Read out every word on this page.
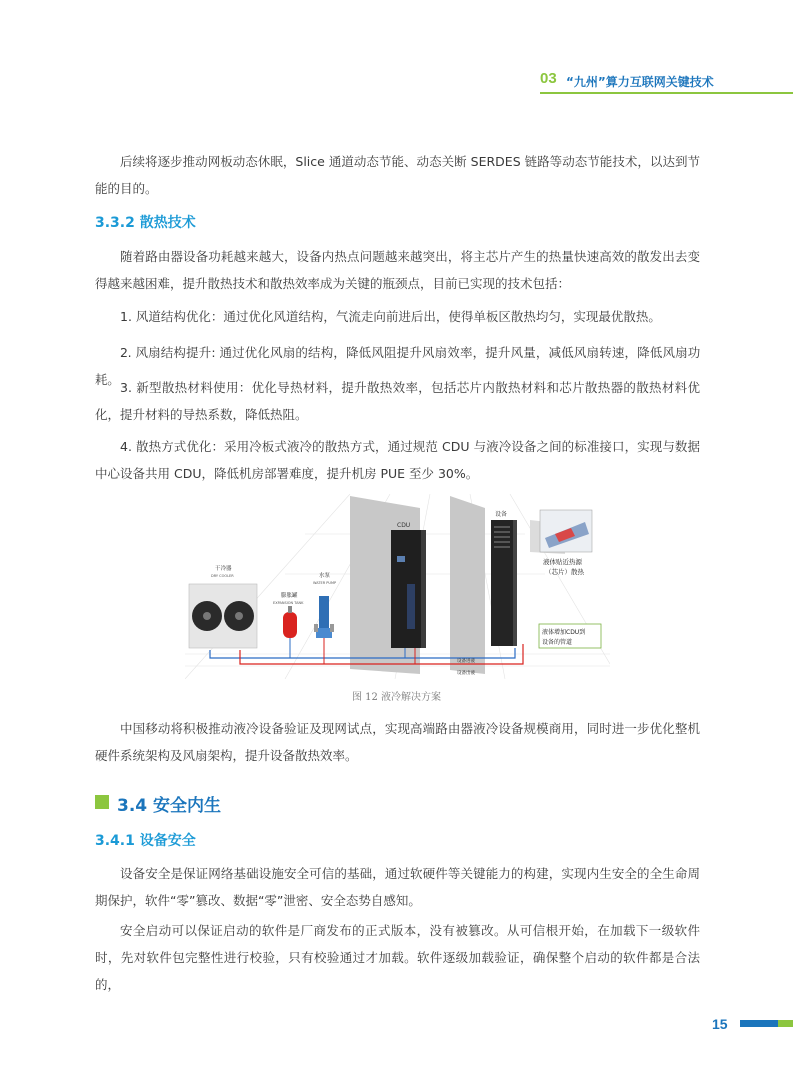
03 “九州”算力互联网关键技术

后续将逐步推动网板动态休眠，Slice 通道动态节能、动态关断 SERDES 链路等动态节能技术，以达到节能的目的。

3.3.2 散热技术

随着路由器设备功耗越来越大，设备内热点问题越来越突出，将主芯片产生的热量快速高效的散发出去变得越来越困难，提升散热技术和散热效率成为关键的瓶颈点，目前已实现的技术包括：

1. 风道结构优化：通过优化风道结构，气流走向前进后出，使得单板区散热均匀，实现最优散热。

2. 风扇结构提升: 通过优化风扇的结构，降低风阻提升风扇效率，提升风量，减低风扇转速，降低风扇功耗。

3. 新型散热材料使用：优化导热材料，提升散热效率，包括芯片内散热材料和芯片散热器的散热材料优化，提升材料的导热系数，降低热阻。

4. 散热方式优化：采用冷板式液冷的散热方式，通过规范 CDU 与液冷设备之间的标准接口，实现与数据中心设备共用 CDU，降低机房部署难度，提升机房 PUE 至少 30%。

CDU
设备
液体贴近热源
（芯片）散热
液体增加CDU到
设备的管道
干冷器
DRY COOLER
膨胀罐
EXPANSION TANK
水泵
WATER PUMP
设备进液
设备出液
图 12 液冷解决方案

中国移动将积极推动液冷设备验证及现网试点，实现高端路由器液冷设备规模商用，同时进一步优化整机硬件系统架构及风扇架构，提升设备散热效率。

3.4 安全内生
3.4.1 设备安全

设备安全是保证网络基础设施安全可信的基础，通过软硬件等关键能力的构建，实现内生安全的全生命周期保护，软件“零”篡改、数据“零”泄密、安全态势自感知。

安全启动可以保证启动的软件是厂商发布的正式版本，没有被篡改。从可信根开始，在加载下一级软件时，先对软件包完整性进行校验，只有校验通过才加载。软件逐级加载验证，确保整个启动的软件都是合法的，

15
